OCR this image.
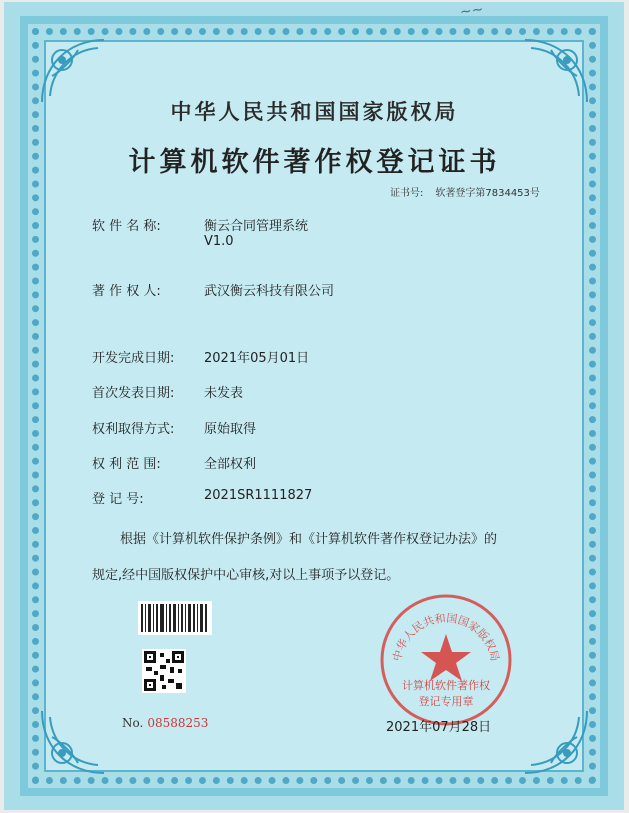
~~
中华人民共和国国家版权局
计算机软件著作权登记证书
证书号: 软著登字第7834453号
软 件 名 称:	衡云合同管理系统
V1.0
著 作 权 人:	武汉衡云科技有限公司
开发完成日期: 2021年05月01日
首次发表日期: 未发表
权利取得方式: 原始取得
权 利 范 围:	全部权利
登 记 号:	2021SR1111827
根据《计算机软件保护条例》和《计算机软件著作权登记办法》的
规定,经中国版权保护中心审核,对以上事项予以登记。
No. 08588253
中华人民共和国国家版权局
计算机软件著作权
登记专用章
2021年07月28日
